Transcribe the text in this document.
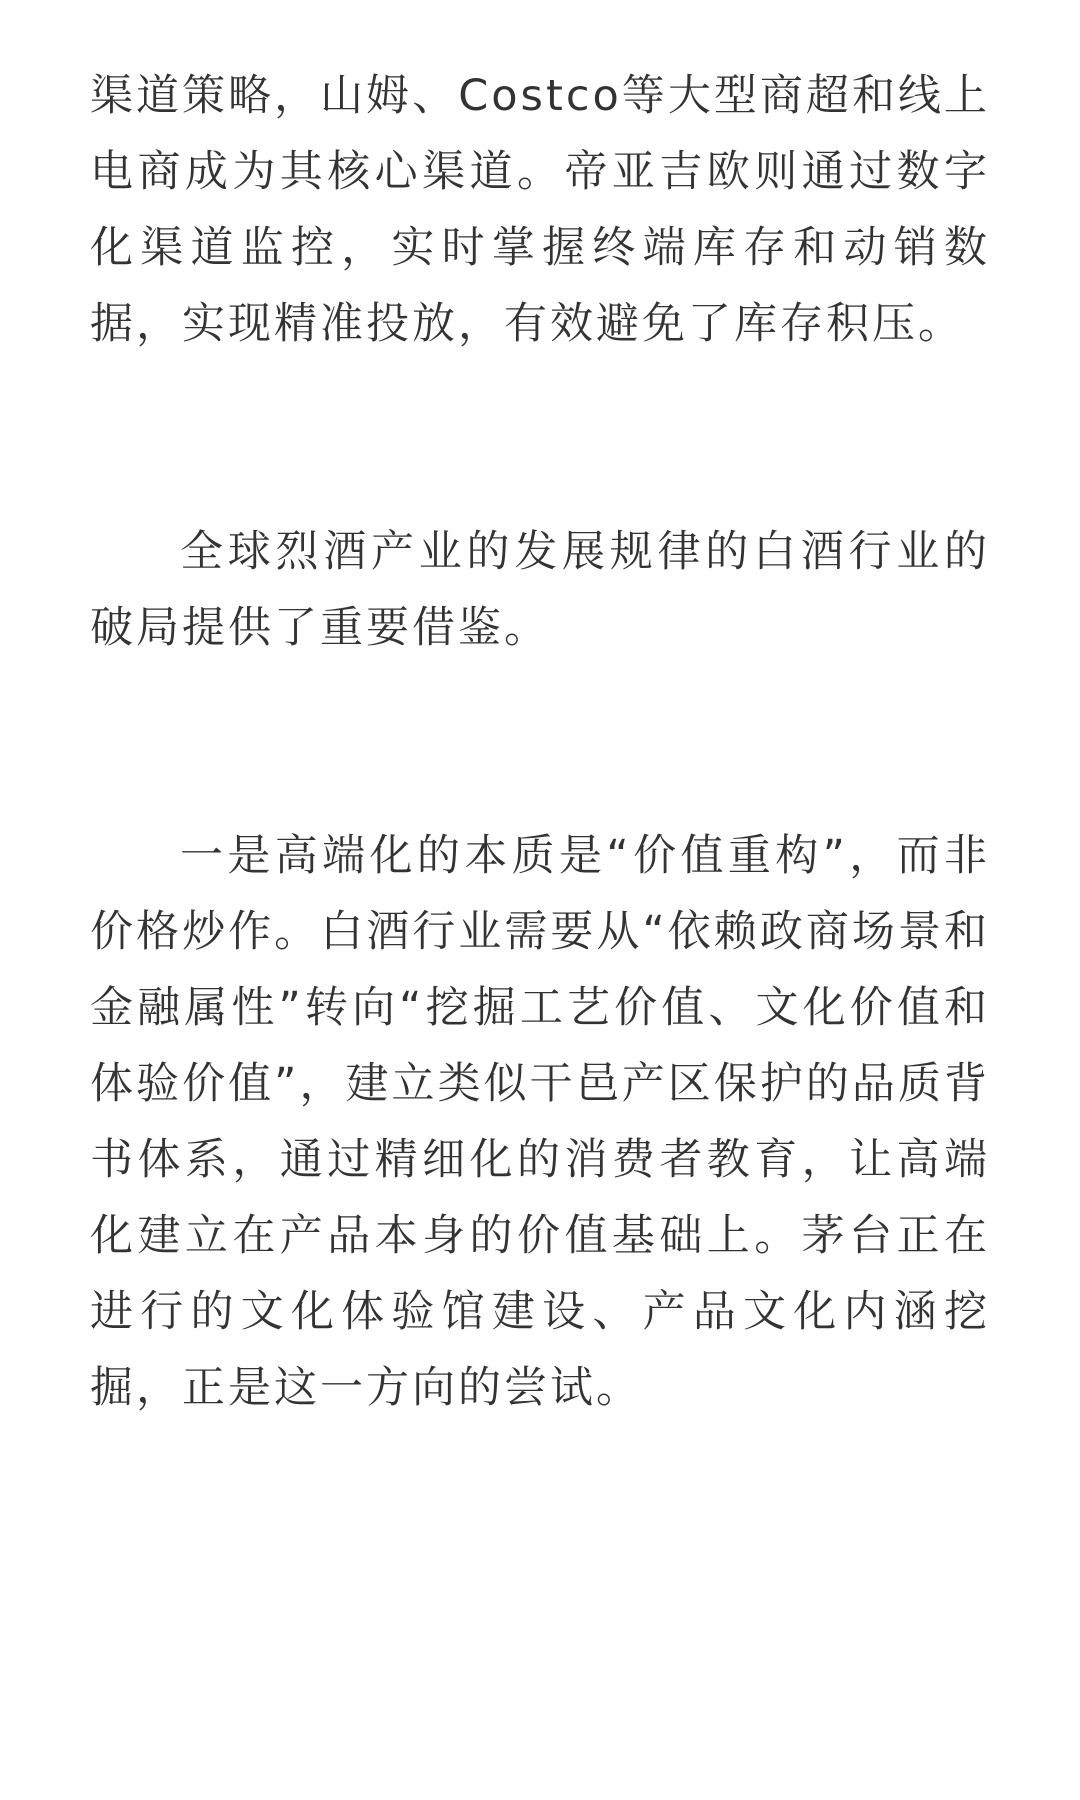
渠道策略，山姆、Costco等大型商超和线上电商成为其核心渠道。帝亚吉欧则通过数字化渠道监控，实时掌握终端库存和动销数据，实现精准投放，有效避免了库存积压。

全球烈酒产业的发展规律的白酒行业的破局提供了重要借鉴。

一是高端化的本质是“价值重构”，而非价格炒作。白酒行业需要从“依赖政商场景和金融属性”转向“挖掘工艺价值、文化价值和体验价值”，建立类似干邑产区保护的品质背书体系，通过精细化的消费者教育，让高端化建立在产品本身的价值基础上。茅台正在进行的文化体验馆建设、产品文化内涵挖掘，正是这一方向的尝试。
